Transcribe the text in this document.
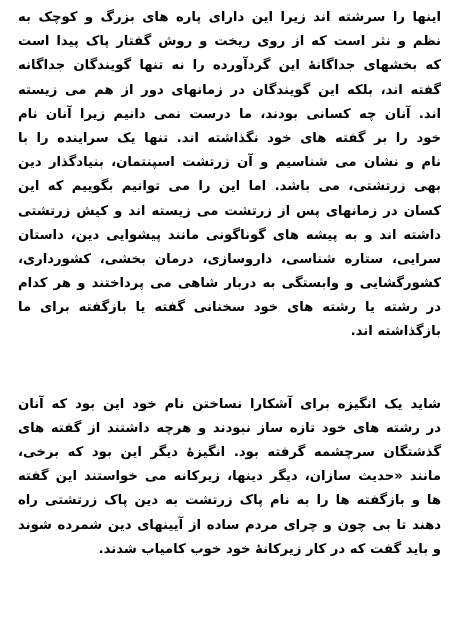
اینها را سرشته اند زیرا این دارای پاره های بزرگ و کوچک به
نظم و نثر است که از روی ریخت و روش گفتار پاک پیدا است
که بخشهای جداگانهٔ این گردآورده را نه تنها گویندگان جداگانه
گفته اند، بلکه این گویندگان در زمانهای دور از هم می زیسته
اند. آنان چه کسانی بودند، ما درست نمی دانیم زیرا آنان نام
خود را بر گفته های خود نگذاشته اند. تنها یک سراینده را با
نام و نشان می شناسیم و آن زرتشت اسپنتمان، بنیادگذار دین
بهی زرتشتی، می باشد. اما این را می توانیم بگوییم که این
کسان در زمانهای پس از زرتشت می زیسته اند و کیش زرتشتی
داشته اند و به پیشه های گوناگونی مانند پیشوایی دین، داستان
سرایی، ستاره شناسی، داروسازی، درمان بخشی، کشورداری،
کشورگشایی و وابستگی به دربار شاهی می پرداختند و هر کدام
در رشته یا رشته های خود سخنانی گفته یا بازگفته برای ما
بازگذاشته اند.
شاید یک انگیزه برای آشکارا نساختن نام خود این بود که آنان
در رشته های خود تازه ساز نبودند و هرچه داشتند از گفته های
گذشتگان سرچشمه گرفته بود. انگیزهٔ دیگر این بود که برخی،
مانند «حدیث سازان، دیگر دینها، زیرکانه می خواستند این گفته
ها و بازگفته ها را به نام پاک زرتشت به دین پاک زرتشتی راه
دهند تا بی چون و چرای مردم ساده از آیینهای دین شمرده شوند
و باید گفت که در کار زیرکانهٔ خود خوب کامیاب شدند.
